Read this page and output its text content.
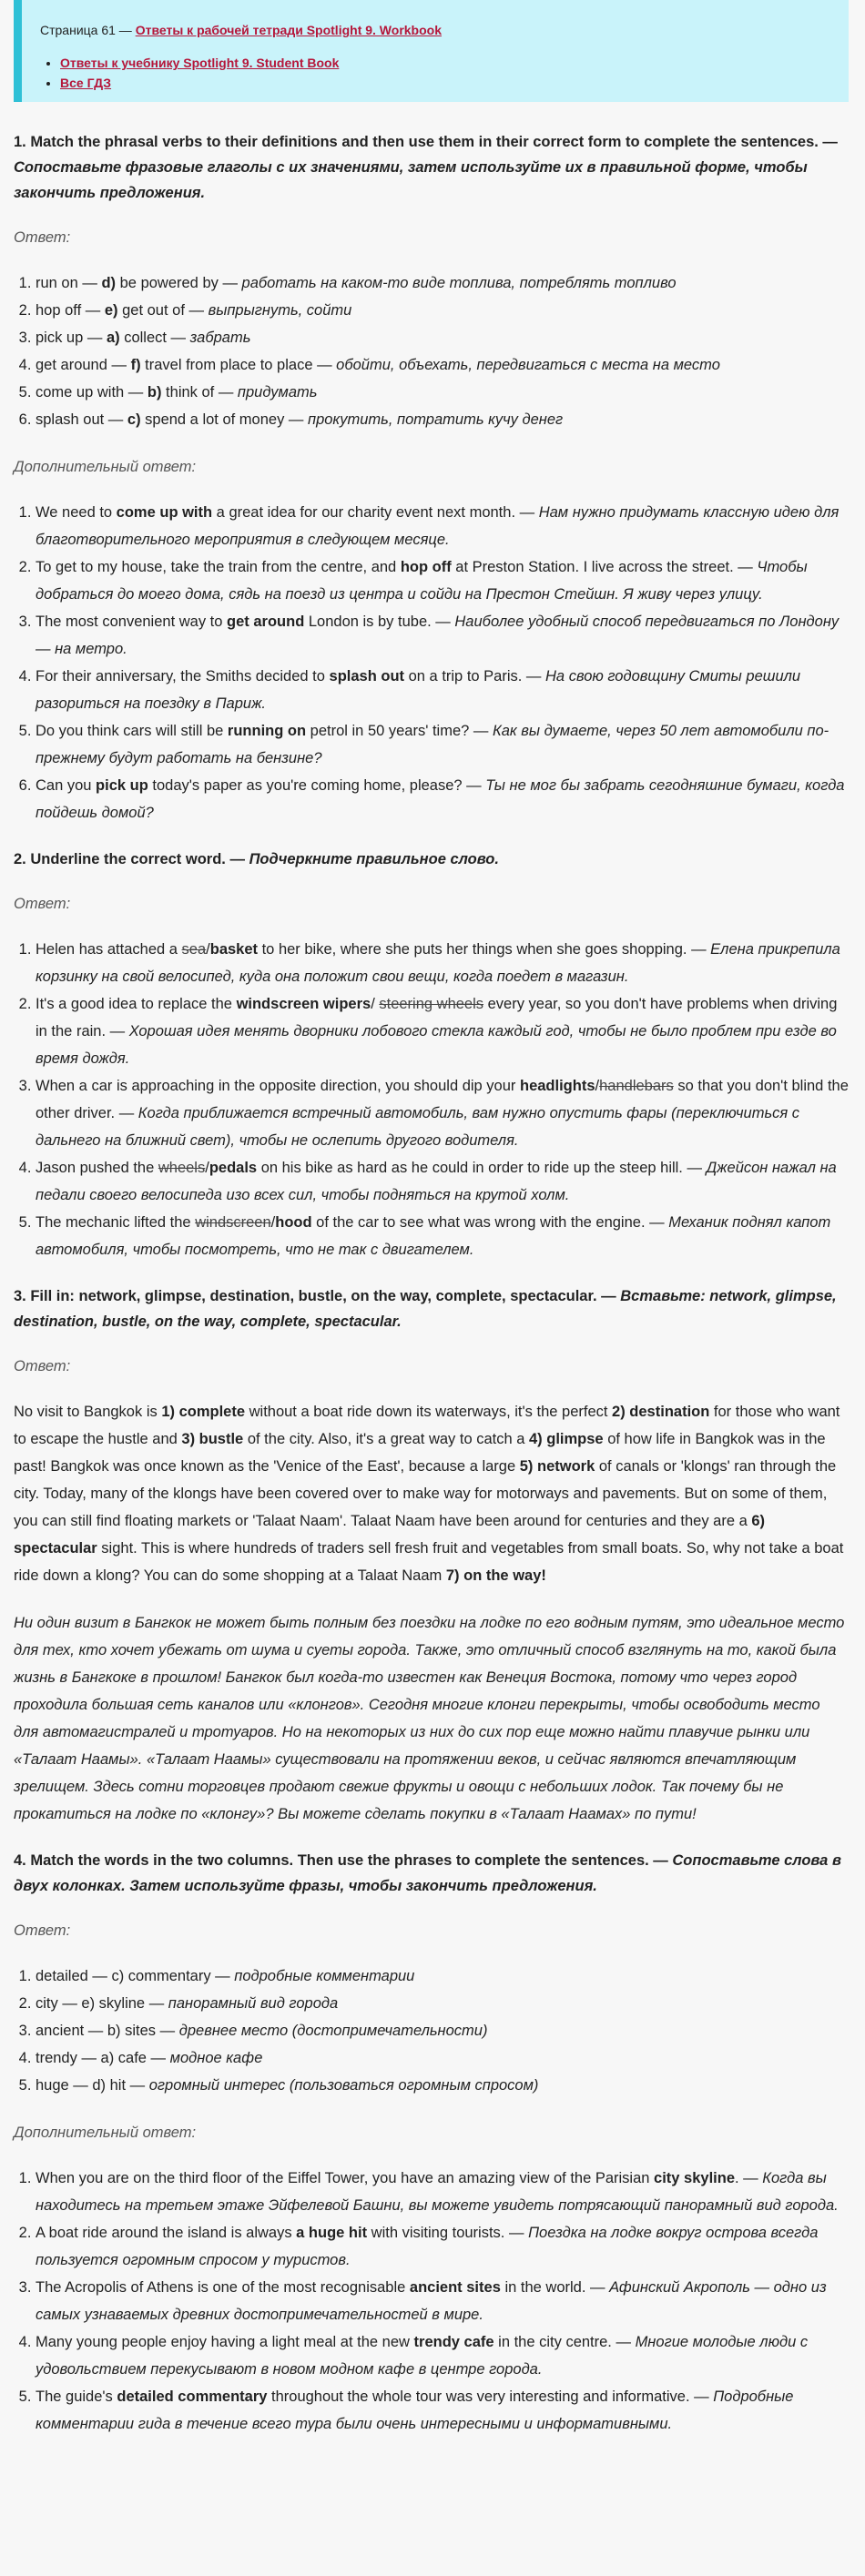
Страница 61 — Ответы к рабочей тетради Spotlight 9. Workbook

• Ответы к учебнику Spotlight 9. Student Book
• Все ГДЗ
1. Match the phrasal verbs to their definitions and then use them in their correct form to complete the sentences. — Сопоставьте фразовые глаголы с их значениями, затем используйте их в правильной форме, чтобы закончить предложения.

Ответ:

1. run on — d) be powered by — работать на каком-то виде топлива, потреблять топливо
2. hop off — e) get out of — выпрыгнуть, сойти
3. pick up — a) collect — забрать
4. get around — f) travel from place to place — обойти, объехать, передвигаться с места на место
5. come up with — b) think of — придумать
6. splash out — c) spend a lot of money — прокутить, потратить кучу денег

Дополнительный ответ:

1. We need to come up with a great idea for our charity event next month. — Нам нужно придумать классную идею для благотворительного мероприятия в следующем месяце.
2. To get to my house, take the train from the centre, and hop off at Preston Station. I live across the street. — Чтобы добраться до моего дома, сядь на поезд из центра и сойди на Престон Стейшн. Я живу через улицу.
3. The most convenient way to get around London is by tube. — Наиболее удобный способ передвигаться по Лондону — на метро.
4. For their anniversary, the Smiths decided to splash out on a trip to Paris. — На свою годовщину Смиты решили разориться на поездку в Париж.
5. Do you think cars will still be running on petrol in 50 years' time? — Как вы думаете, через 50 лет автомобили по-прежнему будут работать на бензине?
6. Can you pick up today's paper as you're coming home, please? — Ты не мог бы забрать сегодняшние бумаги, когда пойдешь домой?
2. Underline the correct word. — Подчеркните правильное слово.

Ответ:

1. Helen has attached a sea/basket to her bike, where she puts her things when she goes shopping. — Елена прикрепила корзинку на свой велосипед, куда она положит свои вещи, когда поедет в магазин.
2. It's a good idea to replace the windscreen wipers/ steering wheels every year, so you don't have problems when driving in the rain. — Хорошая идея менять дворники лобового стекла каждый год, чтобы не было проблем при езде во время дождя.
3. When a car is approaching in the opposite direction, you should dip your headlights/handlebars so that you don't blind the other driver. — Когда приближается встречный автомобиль, вам нужно опустить фары (переключиться с дальнего на ближний свет), чтобы не ослепить другого водителя.
4. Jason pushed the wheels/pedals on his bike as hard as he could in order to ride up the steep hill. — Джейсон нажал на педали своего велосипеда изо всех сил, чтобы подняться на крутой холм.
5. The mechanic lifted the windscreen/hood of the car to see what was wrong with the engine. — Механик поднял капот автомобиля, чтобы посмотреть, что не так с двигателем.
3. Fill in: network, glimpse, destination, bustle, on the way, complete, spectacular. — Вставьте: network, glimpse, destination, bustle, on the way, complete, spectacular.

Ответ:

No visit to Bangkok is 1) complete without a boat ride down its waterways, it's the perfect 2) destination for those who want to escape the hustle and 3) bustle of the city. Also, it's a great way to catch a 4) glimpse of how life in Bangkok was in the past! Bangkok was once known as the 'Venice of the East', because a large 5) network of canals or 'klongs' ran through the city. Today, many of the klongs have been covered over to make way for motorways and pavements. But on some of them, you can still find floating markets or 'Talaat Naam'. Talaat Naam have been around for centuries and they are a 6) spectacular sight. This is where hundreds of traders sell fresh fruit and vegetables from small boats. So, why not take a boat ride down a klong? You can do some shopping at a Talaat Naam 7) on the way!

Ни один визит в Бангкок не может быть полным без поездки на лодке по его водным путям, это идеальное место для тех, кто хочет убежать от шума и суеты города. Также, это отличный способ взглянуть на то, какой была жизнь в Бангкоке в прошлом! Бангкок был когда-то известен как Венеция Востока, потому что через город проходила большая сеть каналов или «клонгов». Сегодня многие клонги перекрыты, чтобы освободить место для автомагистралей и тротуаров. Но на некоторых из них до сих пор еще можно найти плавучие рынки или «Талаат Наамы». «Талаат Наамы» существовали на протяжении веков, и сейчас являются впечатляющим зрелищем. Здесь сотни торговцев продают свежие фрукты и овощи с небольших лодок. Так почему бы не прокатиться на лодке по «клонгу»? Вы можете сделать покупки в «Талаат Наамах» по пути!

4. Match the words in the two columns. Then use the phrases to complete the sentences. — Сопоставьте слова в двух колонках. Затем используйте фразы, чтобы закончить предложения.

Ответ:

1. detailed — c) commentary — подробные комментарии
2. city — e) skyline — панорамный вид города
3. ancient — b) sites — древнее место (достопримечательности)
4. trendy — a) cafe — модное кафе
5. huge — d) hit — огромный интерес (пользоваться огромным спросом)

Дополнительный ответ:

1. When you are on the third floor of the Eiffel Tower, you have an amazing view of the Parisian city skyline. — Когда вы находитесь на третьем этаже Эйфелевой Башни, вы можете увидеть потрясающий панорамный вид города.
2. A boat ride around the island is always a huge hit with visiting tourists. — Поездка на лодке вокруг острова всегда пользуется огромным спросом у туристов.
3. The Acropolis of Athens is one of the most recognisable ancient sites in the world. — Афинский Акрополь — одно из самых узнаваемых древних достопримечательностей в мире.
4. Many young people enjoy having a light meal at the new trendy cafe in the city centre. — Многие молодые люди с удовольствием перекусывают в новом модном кафе в центре города.
5. The guide's detailed commentary throughout the whole tour was very interesting and informative. — Подробные комментарии гида в течение всего тура были очень интересными и информативными.
